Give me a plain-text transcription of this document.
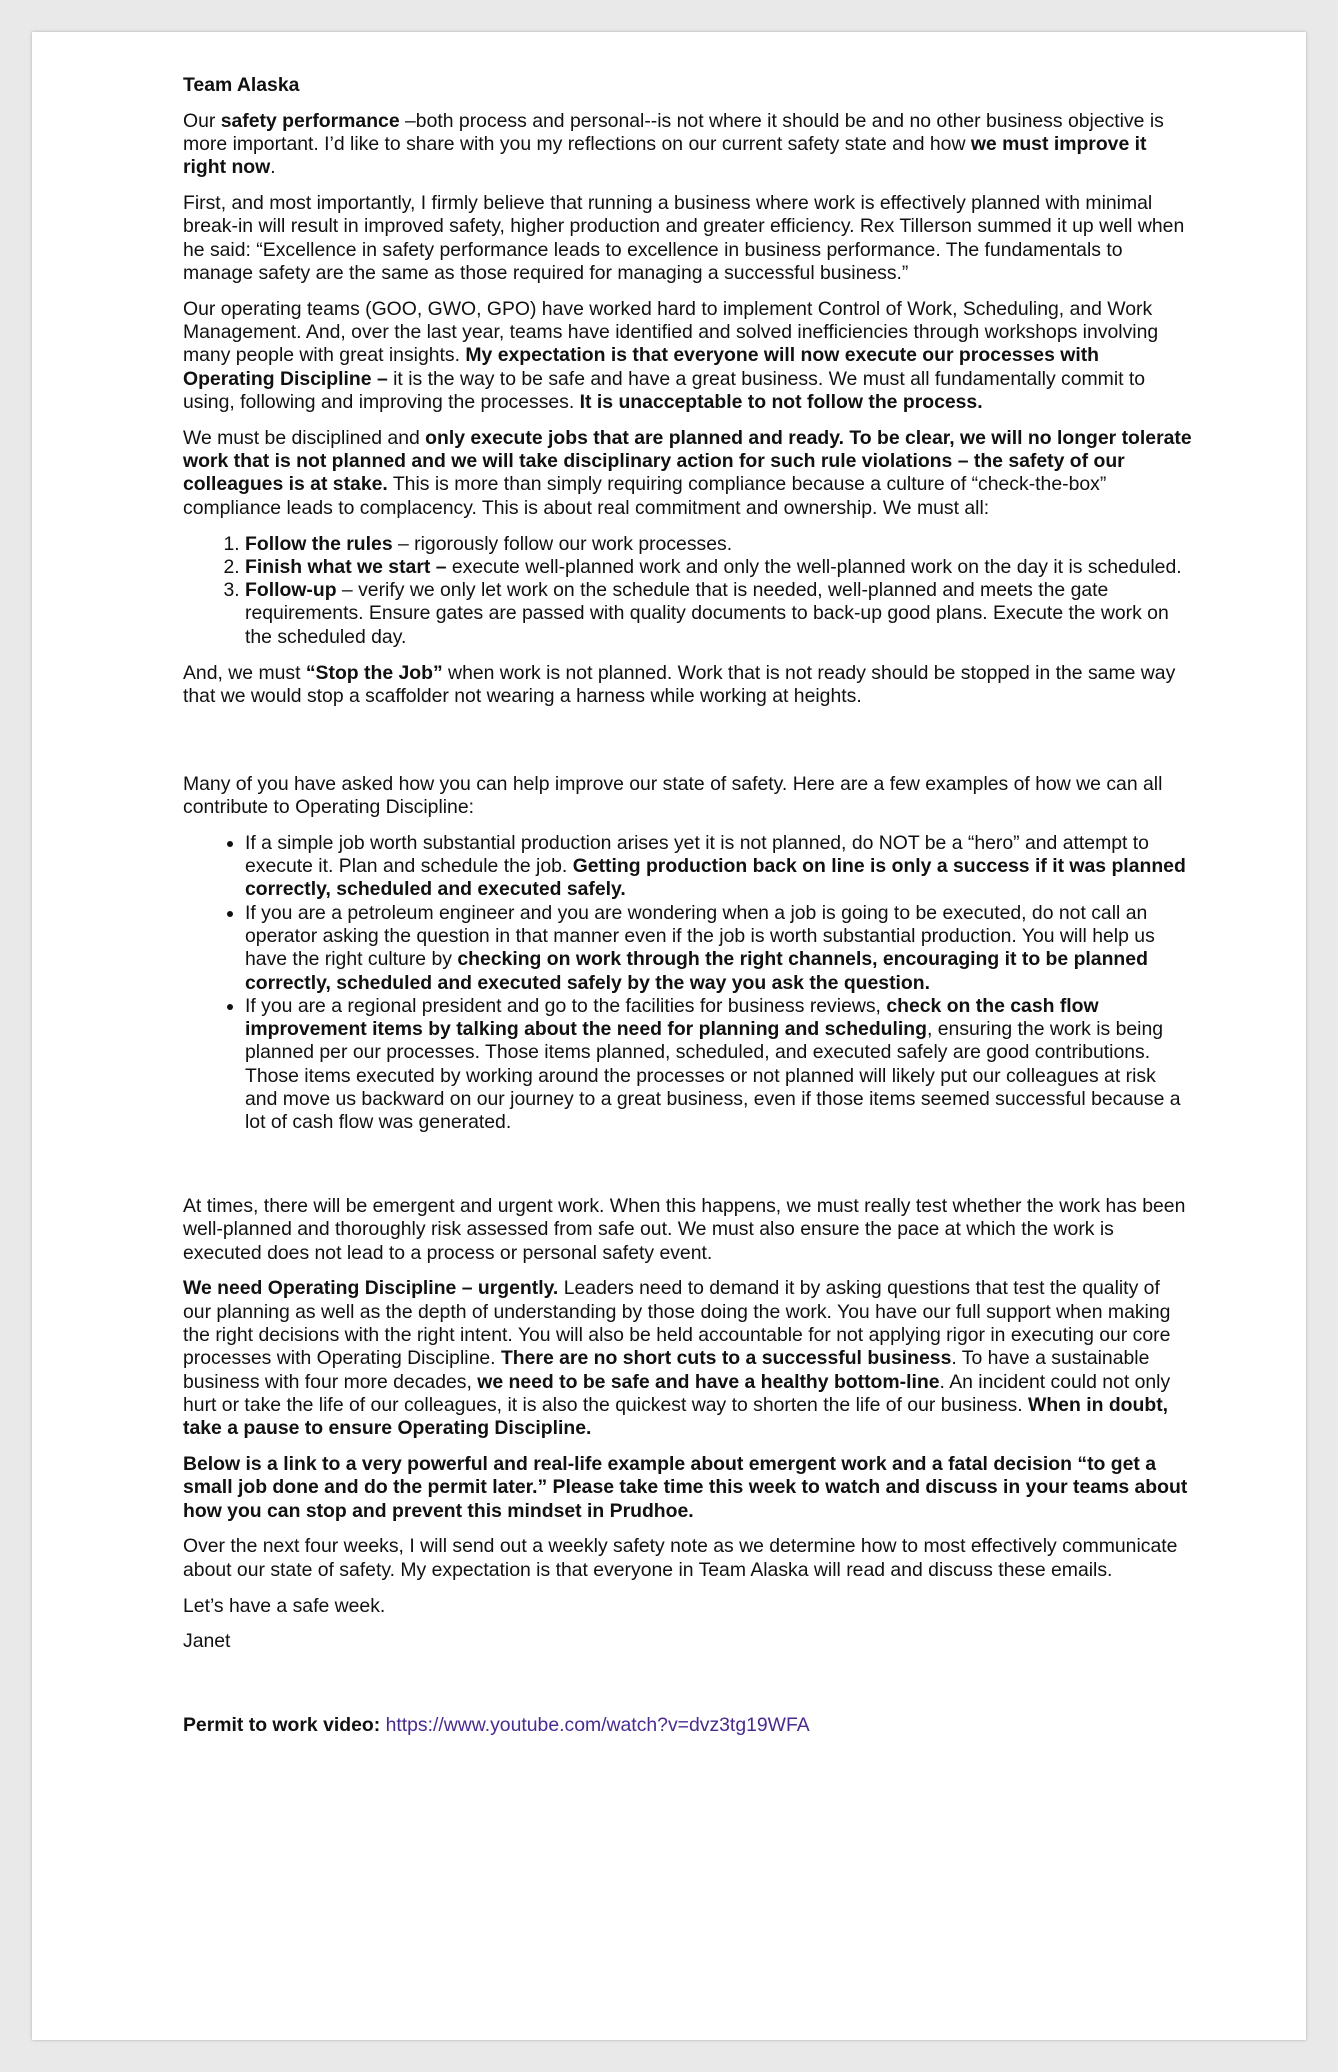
Team Alaska

Our safety performance –both process and personal--is not where it should be and no other business objective is more important. I’d like to share with you my reflections on our current safety state and how we must improve it right now.

First, and most importantly, I firmly believe that running a business where work is effectively planned with minimal break-in will result in improved safety, higher production and greater efficiency. Rex Tillerson summed it up well when he said: “Excellence in safety performance leads to excellence in business performance. The fundamentals to manage safety are the same as those required for managing a successful business.”

Our operating teams (GOO, GWO, GPO) have worked hard to implement Control of Work, Scheduling, and Work Management. And, over the last year, teams have identified and solved inefficiencies through workshops involving many people with great insights. My expectation is that everyone will now execute our processes with Operating Discipline – it is the way to be safe and have a great business. We must all fundamentally commit to using, following and improving the processes. It is unacceptable to not follow the process.

We must be disciplined and only execute jobs that are planned and ready. To be clear, we will no longer tolerate work that is not planned and we will take disciplinary action for such rule violations – the safety of our colleagues is at stake. This is more than simply requiring compliance because a culture of “check-the-box” compliance leads to complacency. This is about real commitment and ownership. We must all:

1. Follow the rules – rigorously follow our work processes.
2. Finish what we start – execute well-planned work and only the well-planned work on the day it is scheduled.
3. Follow-up – verify we only let work on the schedule that is needed, well-planned and meets the gate requirements. Ensure gates are passed with quality documents to back-up good plans. Execute the work on the scheduled day.

And, we must “Stop the Job” when work is not planned. Work that is not ready should be stopped in the same way that we would stop a scaffolder not wearing a harness while working at heights.

Many of you have asked how you can help improve our state of safety. Here are a few examples of how we can all contribute to Operating Discipline:

• If a simple job worth substantial production arises yet it is not planned, do NOT be a “hero” and attempt to execute it. Plan and schedule the job. Getting production back on line is only a success if it was planned correctly, scheduled and executed safely.
• If you are a petroleum engineer and you are wondering when a job is going to be executed, do not call an operator asking the question in that manner even if the job is worth substantial production. You will help us have the right culture by checking on work through the right channels, encouraging it to be planned correctly, scheduled and executed safely by the way you ask the question.
• If you are a regional president and go to the facilities for business reviews, check on the cash flow improvement items by talking about the need for planning and scheduling, ensuring the work is being planned per our processes. Those items planned, scheduled, and executed safely are good contributions. Those items executed by working around the processes or not planned will likely put our colleagues at risk and move us backward on our journey to a great business, even if those items seemed successful because a lot of cash flow was generated.

At times, there will be emergent and urgent work. When this happens, we must really test whether the work has been well-planned and thoroughly risk assessed from safe out. We must also ensure the pace at which the work is executed does not lead to a process or personal safety event.

We need Operating Discipline – urgently. Leaders need to demand it by asking questions that test the quality of our planning as well as the depth of understanding by those doing the work. You have our full support when making the right decisions with the right intent. You will also be held accountable for not applying rigor in executing our core processes with Operating Discipline. There are no short cuts to a successful business. To have a sustainable business with four more decades, we need to be safe and have a healthy bottom-line. An incident could not only hurt or take the life of our colleagues, it is also the quickest way to shorten the life of our business. When in doubt, take a pause to ensure Operating Discipline.

Below is a link to a very powerful and real-life example about emergent work and a fatal decision “to get a small job done and do the permit later.” Please take time this week to watch and discuss in your teams about how you can stop and prevent this mindset in Prudhoe.

Over the next four weeks, I will send out a weekly safety note as we determine how to most effectively communicate about our state of safety. My expectation is that everyone in Team Alaska will read and discuss these emails.

Let’s have a safe week.

Janet

Permit to work video: https://www.youtube.com/watch?v=dvz3tg19WFA
